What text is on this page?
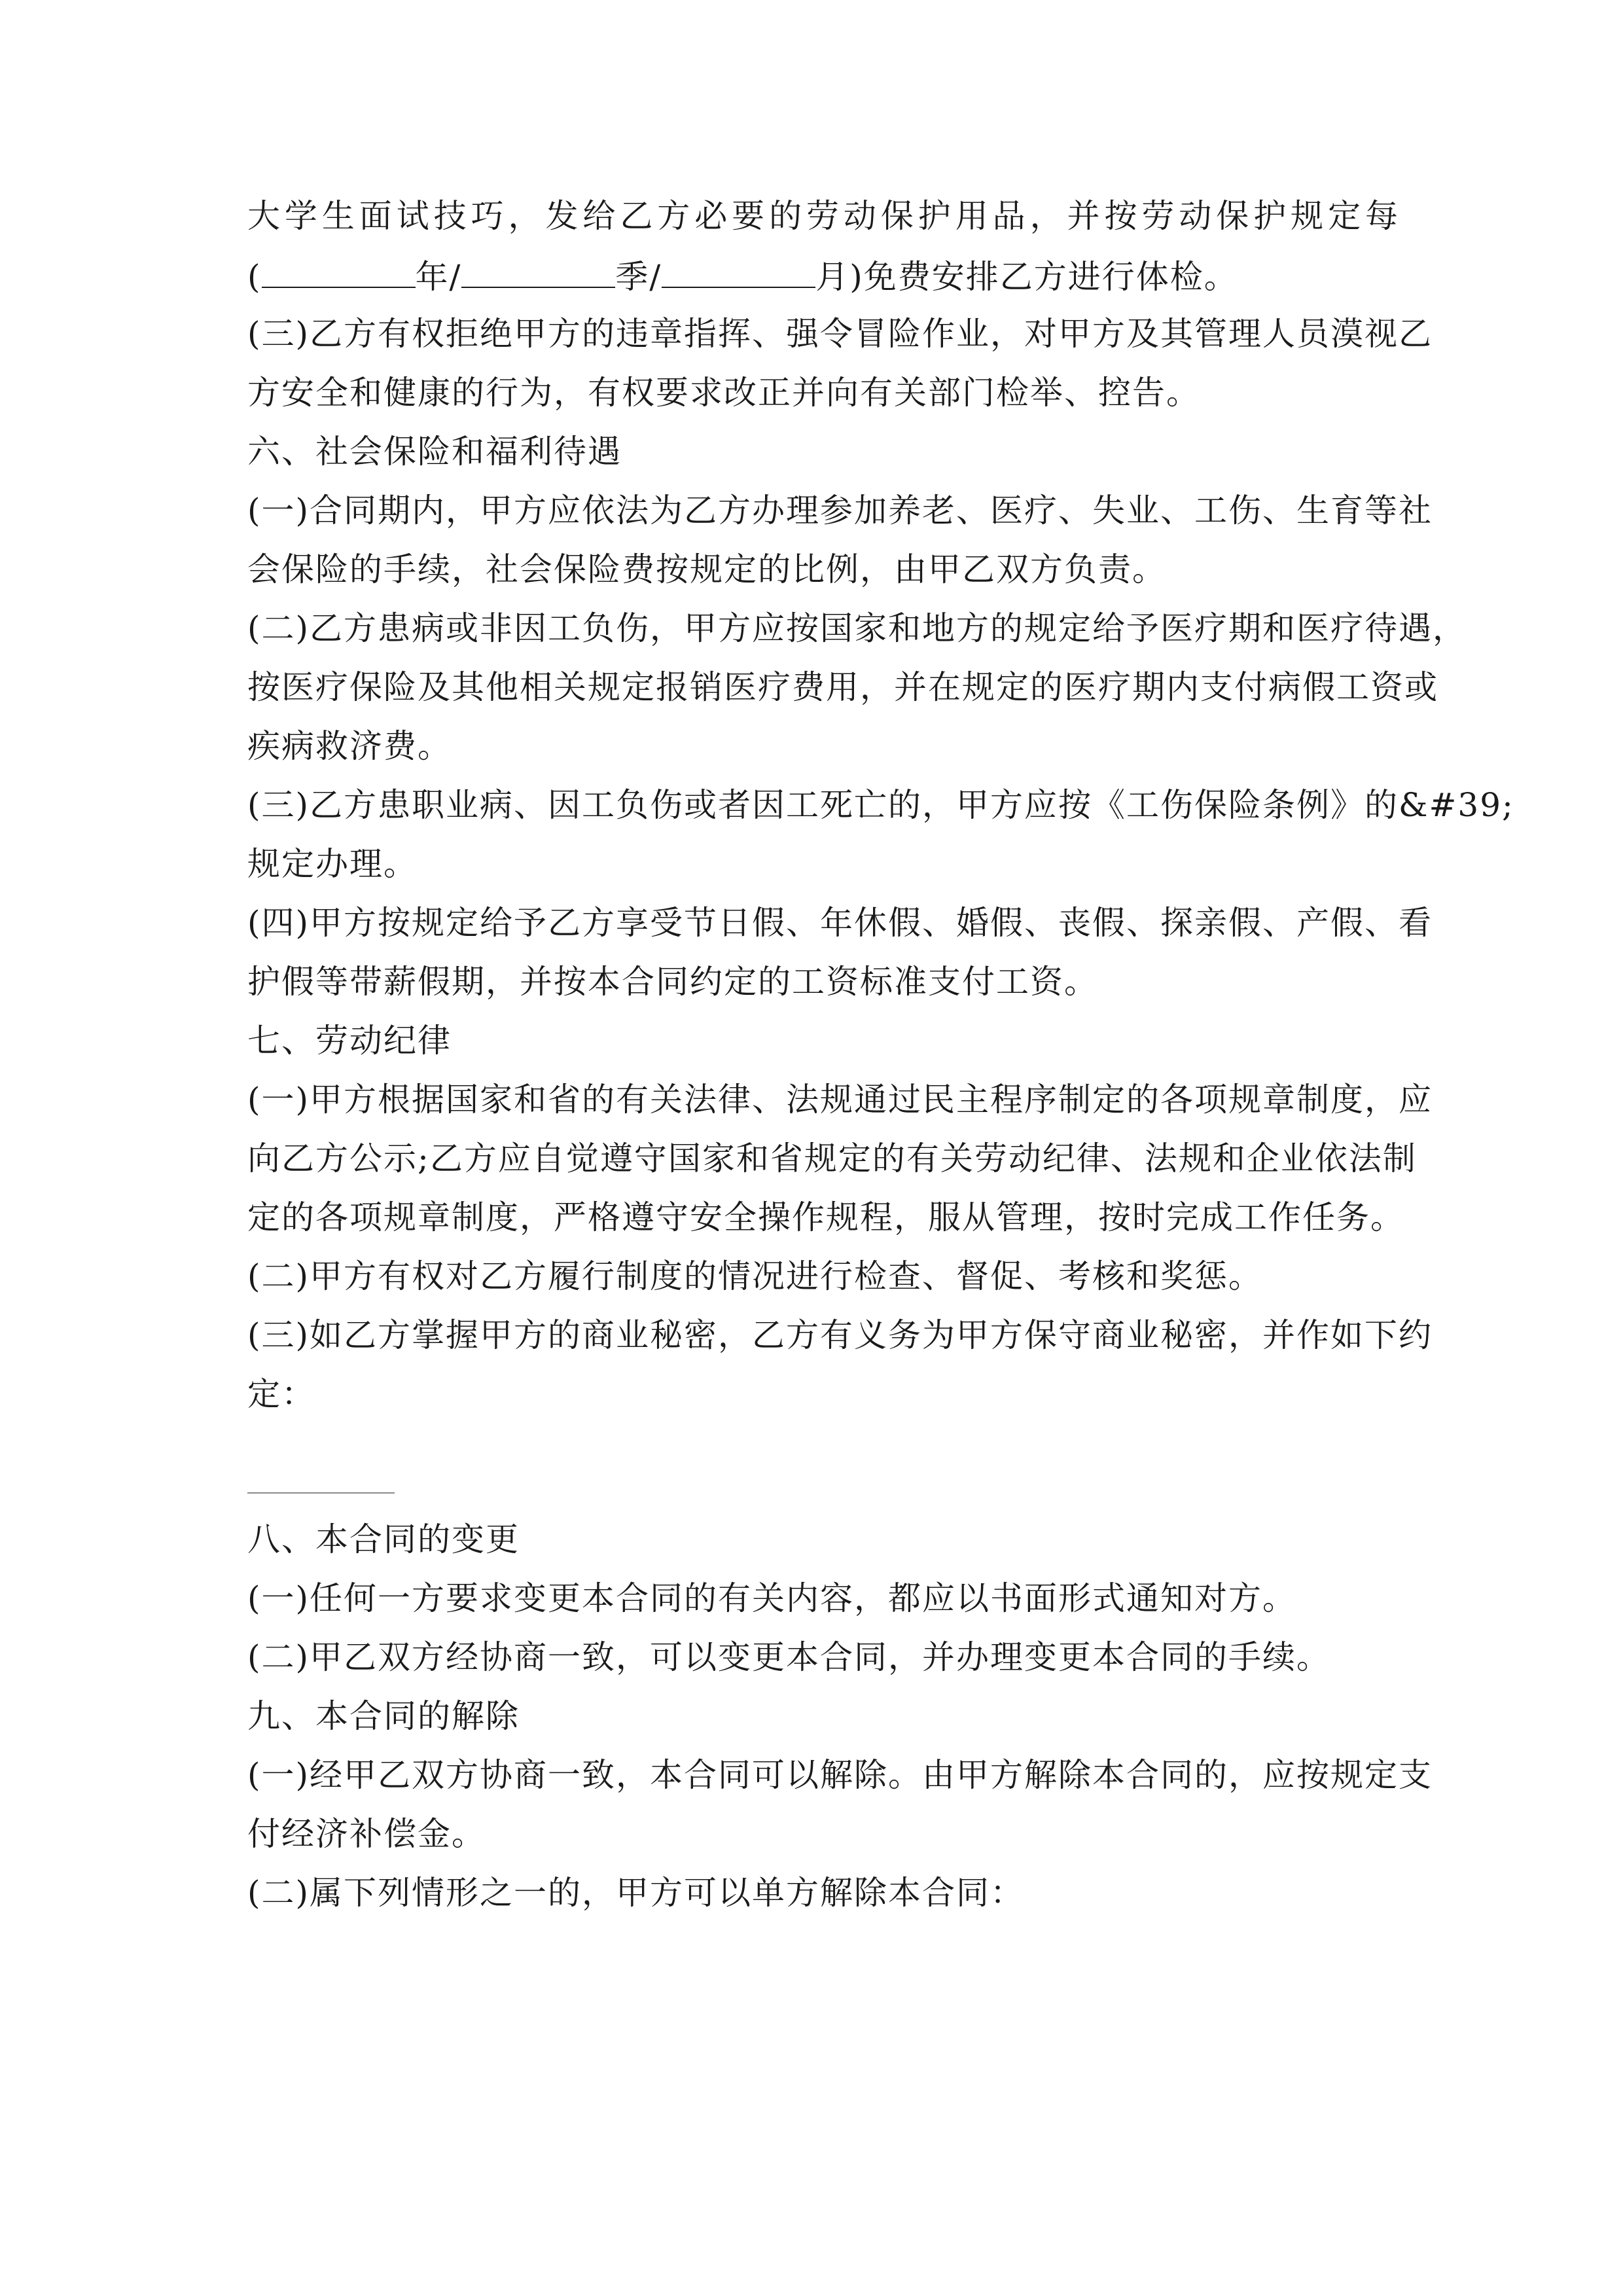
大学生面试技巧，发给乙方必要的劳动保护用品，并按劳动保护规定每
(	年/	季/	月)免费安排乙方进行体检。
(三)乙方有权拒绝甲方的违章指挥、强令冒险作业，对甲方及其管理人员漠视乙
方安全和健康的行为，有权要求改正并向有关部门检举、控告。
六、社会保险和福利待遇
(一)合同期内，甲方应依法为乙方办理参加养老、医疗、失业、工伤、生育等社
会保险的手续，社会保险费按规定的比例，由甲乙双方负责。
(二)乙方患病或非因工负伤，甲方应按国家和地方的规定给予医疗期和医疗待遇，
按医疗保险及其他相关规定报销医疗费用，并在规定的医疗期内支付病假工资或
疾病救济费。
(三)乙方患职业病、因工负伤或者因工死亡的，甲方应按《工伤保险条例》的&#39;
规定办理。
(四)甲方按规定给予乙方享受节日假、年休假、婚假、丧假、探亲假、产假、看
护假等带薪假期，并按本合同约定的工资标准支付工资。
七、劳动纪律
(一)甲方根据国家和省的有关法律、法规通过民主程序制定的各项规章制度，应
向乙方公示;乙方应自觉遵守国家和省规定的有关劳动纪律、法规和企业依法制
定的各项规章制度，严格遵守安全操作规程，服从管理，按时完成工作任务。
(二)甲方有权对乙方履行制度的情况进行检查、督促、考核和奖惩。
(三)如乙方掌握甲方的商业秘密，乙方有义务为甲方保守商业秘密，并作如下约
定：
八、本合同的变更
(一)任何一方要求变更本合同的有关内容，都应以书面形式通知对方。
(二)甲乙双方经协商一致，可以变更本合同，并办理变更本合同的手续。
九、本合同的解除
(一)经甲乙双方协商一致，本合同可以解除。由甲方解除本合同的，应按规定支
付经济补偿金。
(二)属下列情形之一的，甲方可以单方解除本合同：
